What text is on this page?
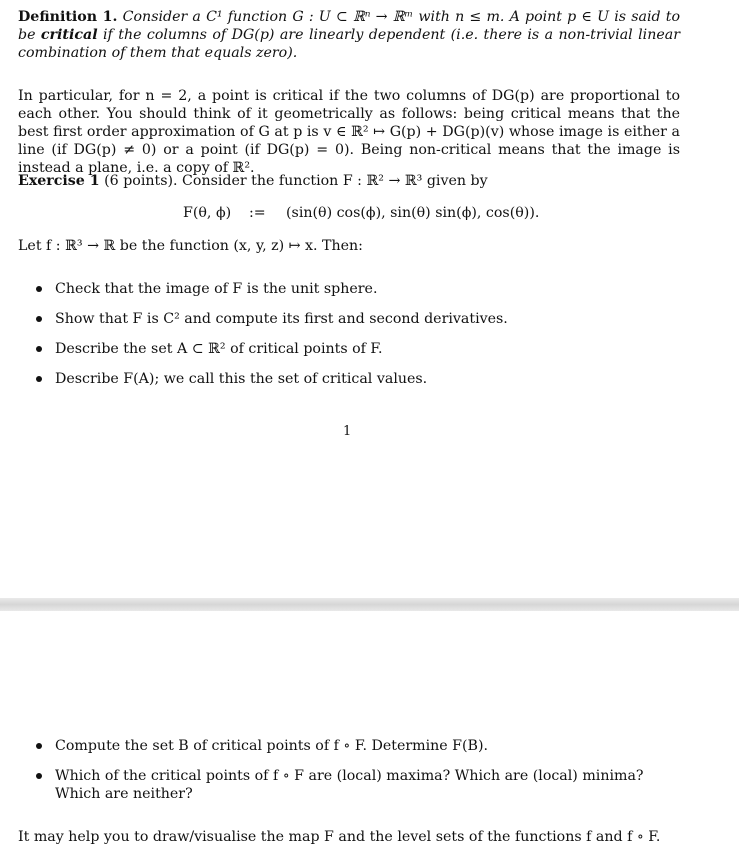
Definition 1. Consider a C¹ function G : U ⊂ ℝⁿ → ℝᵐ with n ≤ m. A point p ∈ U is said to be critical if the columns of DG(p) are linearly dependent (i.e. there is a non-trivial linear combination of them that equals zero).

In particular, for n = 2, a point is critical if the two columns of DG(p) are proportional to each other. You should think of it geometrically as follows: being critical means that the best first order approximation of G at p is v ∈ ℝ² ↦ G(p) + DG(p)(v) whose image is either a line (if DG(p) ≠ 0) or a point (if DG(p) = 0). Being non-critical means that the image is instead a plane, i.e. a copy of ℝ².

Exercise 1 (6 points). Consider the function F : ℝ² → ℝ³ given by

F(θ, ϕ) := (sin(θ) cos(ϕ), sin(θ) sin(ϕ), cos(θ)).

Let f : ℝ³ → ℝ be the function (x, y, z) ↦ x. Then:

Check that the image of F is the unit sphere.
Show that F is C² and compute its first and second derivatives.
Describe the set A ⊂ ℝ² of critical points of F.
Describe F(A); we call this the set of critical values.
1
Compute the set B of critical points of f ∘ F. Determine F(B).
Which of the critical points of f ∘ F are (local) maxima? Which are (local) minima? Which are neither?

It may help you to draw/visualise the map F and the level sets of the functions f and f ∘ F.
